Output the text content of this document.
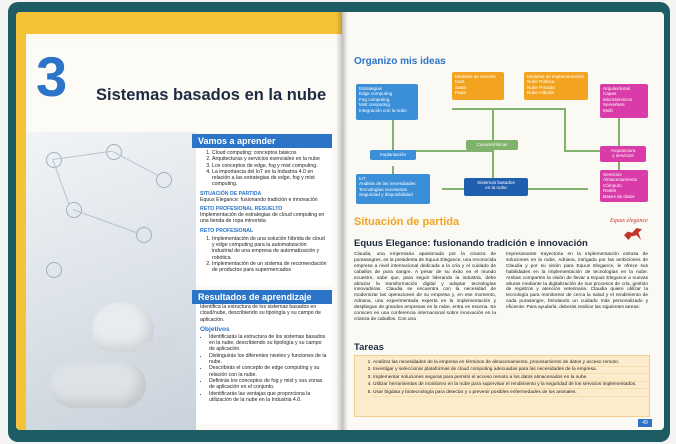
3 Sistemas basados en la nube
Vamos a aprender
1. Cloud computing: conceptos básicos
2. Arquitecturas y servicios esenciales en la nube
3. Los conceptos de edge, fog y mist computing.
4. La importancia del IoT en la Industria 4.0 en relación a las estrategias de edge, fog y mist computing.
SITUACIÓN DE PARTIDA
Equus Elegance: fusionando tradición e innovación
RETO PROFESIONAL RESUELTO
Implementación de estrategias de cloud computing en una tienda de ropa minorista
RETO PROFESIONAL
1. Implementación de una solución híbrida de cloud y edge computing para la automatización industrial de una empresa de automatización y robótica
2. Implementación de un sistema de recomendación de productos para supermercados
Resultados de aprendizaje
Identifica la estructura de los sistemas basados en cloud/nube, describiendo su tipología y su campo de aplicación.
Objetivos
• Identificarás la estructura de los sistemas basados en la nube, describiendo su tipología y su campo de aplicación.
• Distinguirás los diferentes niveles y funciones de la nube.
• Describirás el concepto de edge computing y su relación con la nube.
• Definirás los conceptos de fog y mist y sus zonas de aplicación en el conjunto.
• Identificarás las ventajas que proporciona la utilización de la nube en la Industria 4.0.
Organizo mis ideas
Estrategias
Edge computing
Fog computing
Mist computing
Integración con la nube
Modelos de servicio
IaaS
SaaS
PaaS
Modelos de implementación
Nube Pública
Nube Privada
Nube Híbrida
Arquitecturas
Capas
Microservicios
Serverless
Multi
Implantación
Características
Arquitectura
y servicios
IoT
Análisis de las necesidades
Tecnologías necesarias
Seguridad y disponibilidad
Sistemas basados
en la nube
Servicios
Almacenamiento
Cómputo
Redes
Bases de datos
Situación de partida	Equus elegance
Equus Elegance: fusionando tradición e innovación
Claudia, una empresaria apasionada por la crianza de purasangres, es la presidenta de Equus Elegance, una reconocida empresa a nivel internacional dedicada a la cría y el cuidado de caballos de pura sangre. A pesar de su éxito en el mundo ecuestre, sabe que, para seguir liderando la industria, debe abrazar la transformación digital y adoptar tecnologías innovadoras. Claudia se encuentra con la necesidad de modernizar las operaciones de su empresa y, en ese momento, Adriana, una experimentada experta en la implementación y despliegue de grandes empresas en la nube, entra en escena. Se conocen en una conferencia internacional sobre innovación en la crianza de caballos. Con una
Impresionante trayectoria en la implementación exitosa de soluciones en la nube, Adriana, intrigada por las ambiciones de Claudia y por su visión para Equus Elegance, le ofrece sus habilidades en la implementación de tecnologías en la nube. Ambas comparten la visión de llevar a Equus Elegance a nuevas alturas mediante la digitalización de sus procesos de cría, gestión de registros y atención veterinaria. Claudia quiere utilizar la tecnología para monitorear de cerca la salud y el rendimiento de cada purasangre, brindando un cuidado más personalizado y eficiente. Para ayudarla, deberás realizar las siguientes tareas:
Tareas
1. Analizar las necesidades de la empresa en términos de almacenamiento, procesamiento de datos y acceso remoto.
2. Investigar y seleccionar plataformas de cloud computing adecuadas para las necesidades de la empresa.
3. Implementar soluciones seguras para permitir el acceso remoto a los datos almacenados en la nube.
4. Utilizar herramientas de monitoreo en la nube para supervisar el rendimiento y la seguridad de los servicios implementados.
5. Usar bigdata y biotecnología para detectar y o prevenir posibles enfermedades de los animales.
49
